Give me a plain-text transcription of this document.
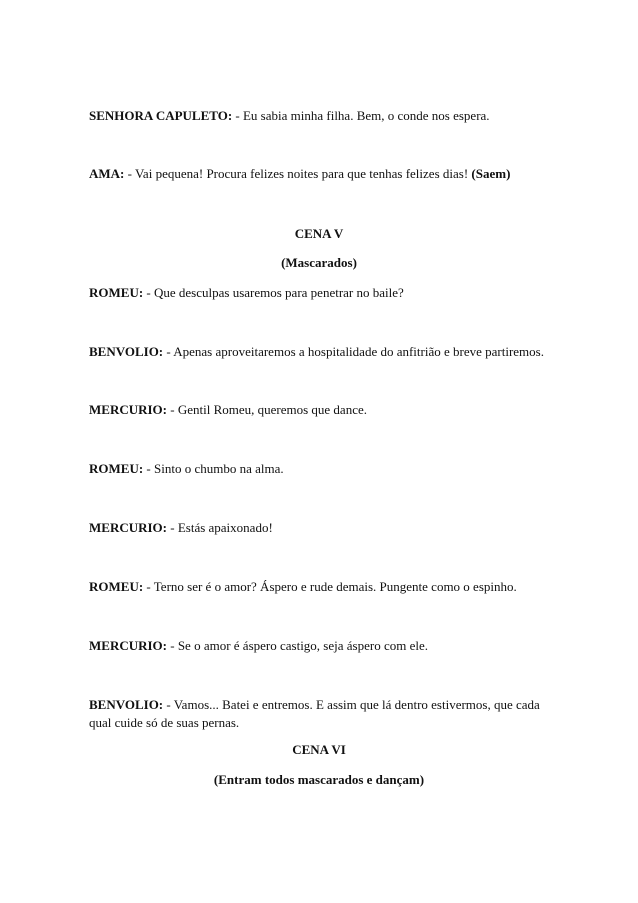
SENHORA CAPULETO: - Eu sabia minha filha. Bem, o conde nos espera.

AMA: - Vai pequena! Procura felizes noites para que tenhas felizes dias! (Saem)

CENA V

(Mascarados)

ROMEU: - Que desculpas usaremos para penetrar no baile?

BENVOLIO: - Apenas aproveitaremos a hospitalidade do anfitrião e breve partiremos.

MERCURIO: - Gentil Romeu, queremos que dance.

ROMEU: - Sinto o chumbo na alma.

MERCURIO: - Estás apaixonado!

ROMEU: - Terno ser é o amor? Áspero e rude demais. Pungente como o espinho.

MERCURIO: - Se o amor é áspero castigo, seja áspero com ele.

BENVOLIO: - Vamos... Batei e entremos. E assim que lá dentro estivermos, que cada qual cuide só de suas pernas.

CENA VI

(Entram todos mascarados e dançam)
